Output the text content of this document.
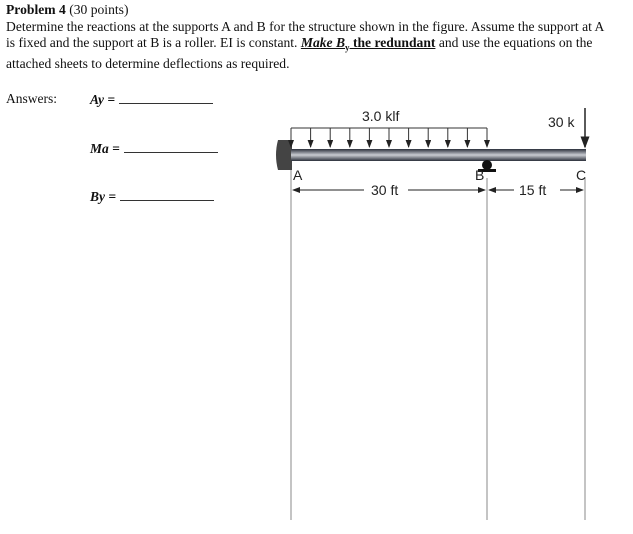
Problem 4 (30 points)

Determine the reactions at the supports A and B for the structure shown in the figure. Assume the support at A

is fixed and the support at B is a roller. EI is constant. Make $B_y$ the redundant and use the equations on the

attached sheets to determine deflections as required.

Answers: Ay =
Ma =
By =
3.0 klf	30 k
A	B	C
30 ft	15 ft
